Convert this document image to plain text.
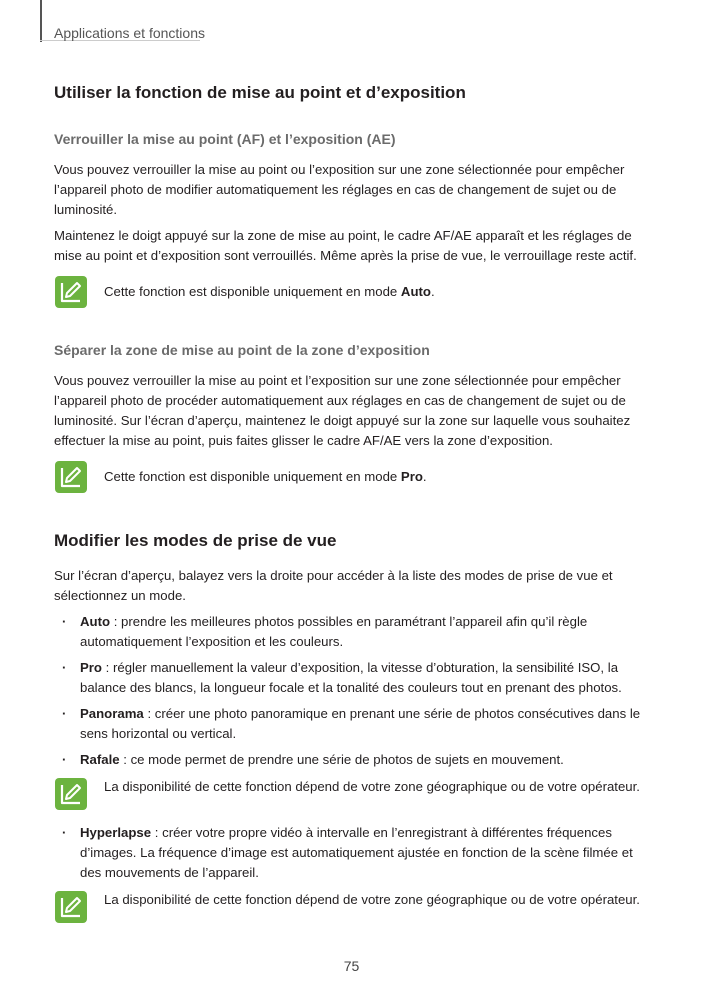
Applications et fonctions
Utiliser la fonction de mise au point et d’exposition
Verrouiller la mise au point (AF) et l’exposition (AE)

Vous pouvez verrouiller la mise au point ou l’exposition sur une zone sélectionnée pour empêcher l’appareil photo de modifier automatiquement les réglages en cas de changement de sujet ou de luminosité.

Maintenez le doigt appuyé sur la zone de mise au point, le cadre AF/AE apparaît et les réglages de mise au point et d’exposition sont verrouillés. Même après la prise de vue, le verrouillage reste actif.

Cette fonction est disponible uniquement en mode Auto.
Séparer la zone de mise au point de la zone d’exposition

Vous pouvez verrouiller la mise au point et l’exposition sur une zone sélectionnée pour empêcher l’appareil photo de procéder automatiquement aux réglages en cas de changement de sujet ou de luminosité. Sur l’écran d’aperçu, maintenez le doigt appuyé sur la zone sur laquelle vous souhaitez effectuer la mise au point, puis faites glisser le cadre AF/AE vers la zone d’exposition.

Cette fonction est disponible uniquement en mode Pro.
Modifier les modes de prise de vue

Sur l’écran d’aperçu, balayez vers la droite pour accéder à la liste des modes de prise de vue et sélectionnez un mode.

· Auto : prendre les meilleures photos possibles en paramétrant l’appareil afin qu’il règle automatiquement l’exposition et les couleurs.
· Pro : régler manuellement la valeur d’exposition, la vitesse d’obturation, la sensibilité ISO, la balance des blancs, la longueur focale et la tonalité des couleurs tout en prenant des photos.
· Panorama : créer une photo panoramique en prenant une série de photos consécutives dans le sens horizontal ou vertical.
· Rafale : ce mode permet de prendre une série de photos de sujets en mouvement.
La disponibilité de cette fonction dépend de votre zone géographique ou de votre opérateur.
· Hyperlapse : créer votre propre vidéo à intervalle en l’enregistrant à différentes fréquences d’images. La fréquence d’image est automatiquement ajustée en fonction de la scène filmée et des mouvements de l’appareil.
La disponibilité de cette fonction dépend de votre zone géographique ou de votre opérateur.
75
